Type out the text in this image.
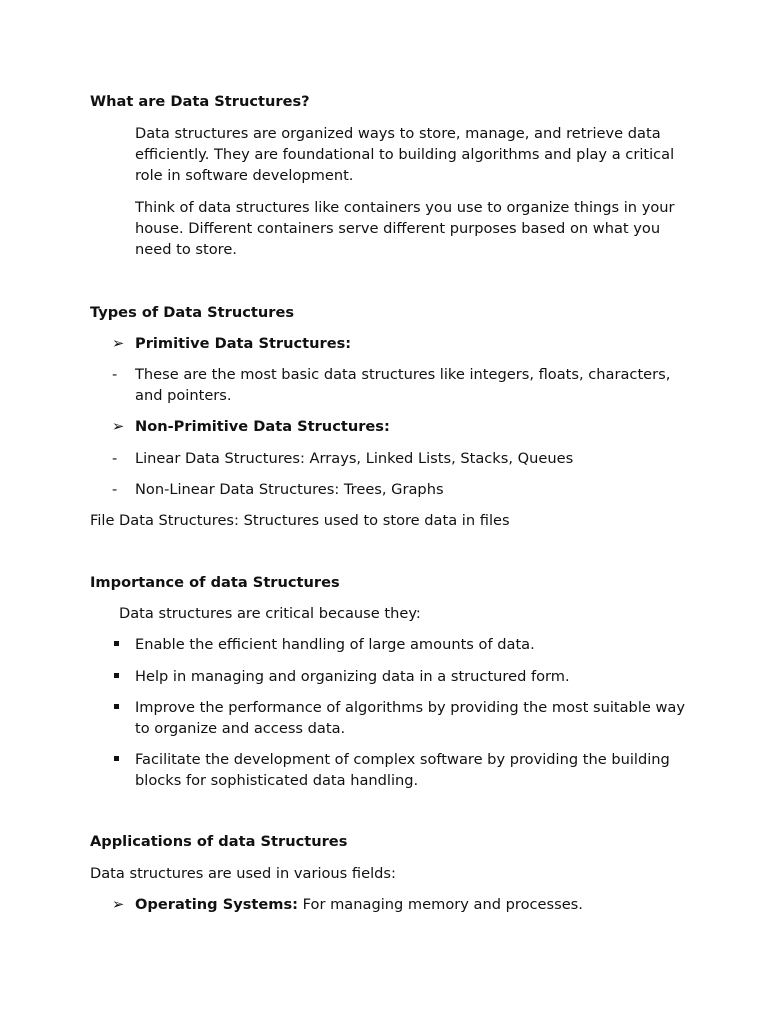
What are Data Structures?

Data structures are organized ways to store, manage, and retrieve data efficiently. They are foundational to building algorithms and play a critical role in software development.

Think of data structures like containers you use to organize things in your house. Different containers serve different purposes based on what you need to store.

Types of Data Structures

➢ Primitive Data Structures:
-	These are the most basic data structures like integers, floats, characters, and pointers.
➢ Non-Primitive Data Structures:
-	Linear Data Structures: Arrays, Linked Lists, Stacks, Queues
-	Non-Linear Data Structures: Trees, Graphs

File Data Structures: Structures used to store data in files

Importance of data Structures

Data structures are critical because they:

Enable the efficient handling of large amounts of data.
Help in managing and organizing data in a structured form.
Improve the performance of algorithms by providing the most suitable way to organize and access data.
Facilitate the development of complex software by providing the building blocks for sophisticated data handling.

Applications of data Structures

Data structures are used in various fields:

➢ Operating Systems: For managing memory and processes.
